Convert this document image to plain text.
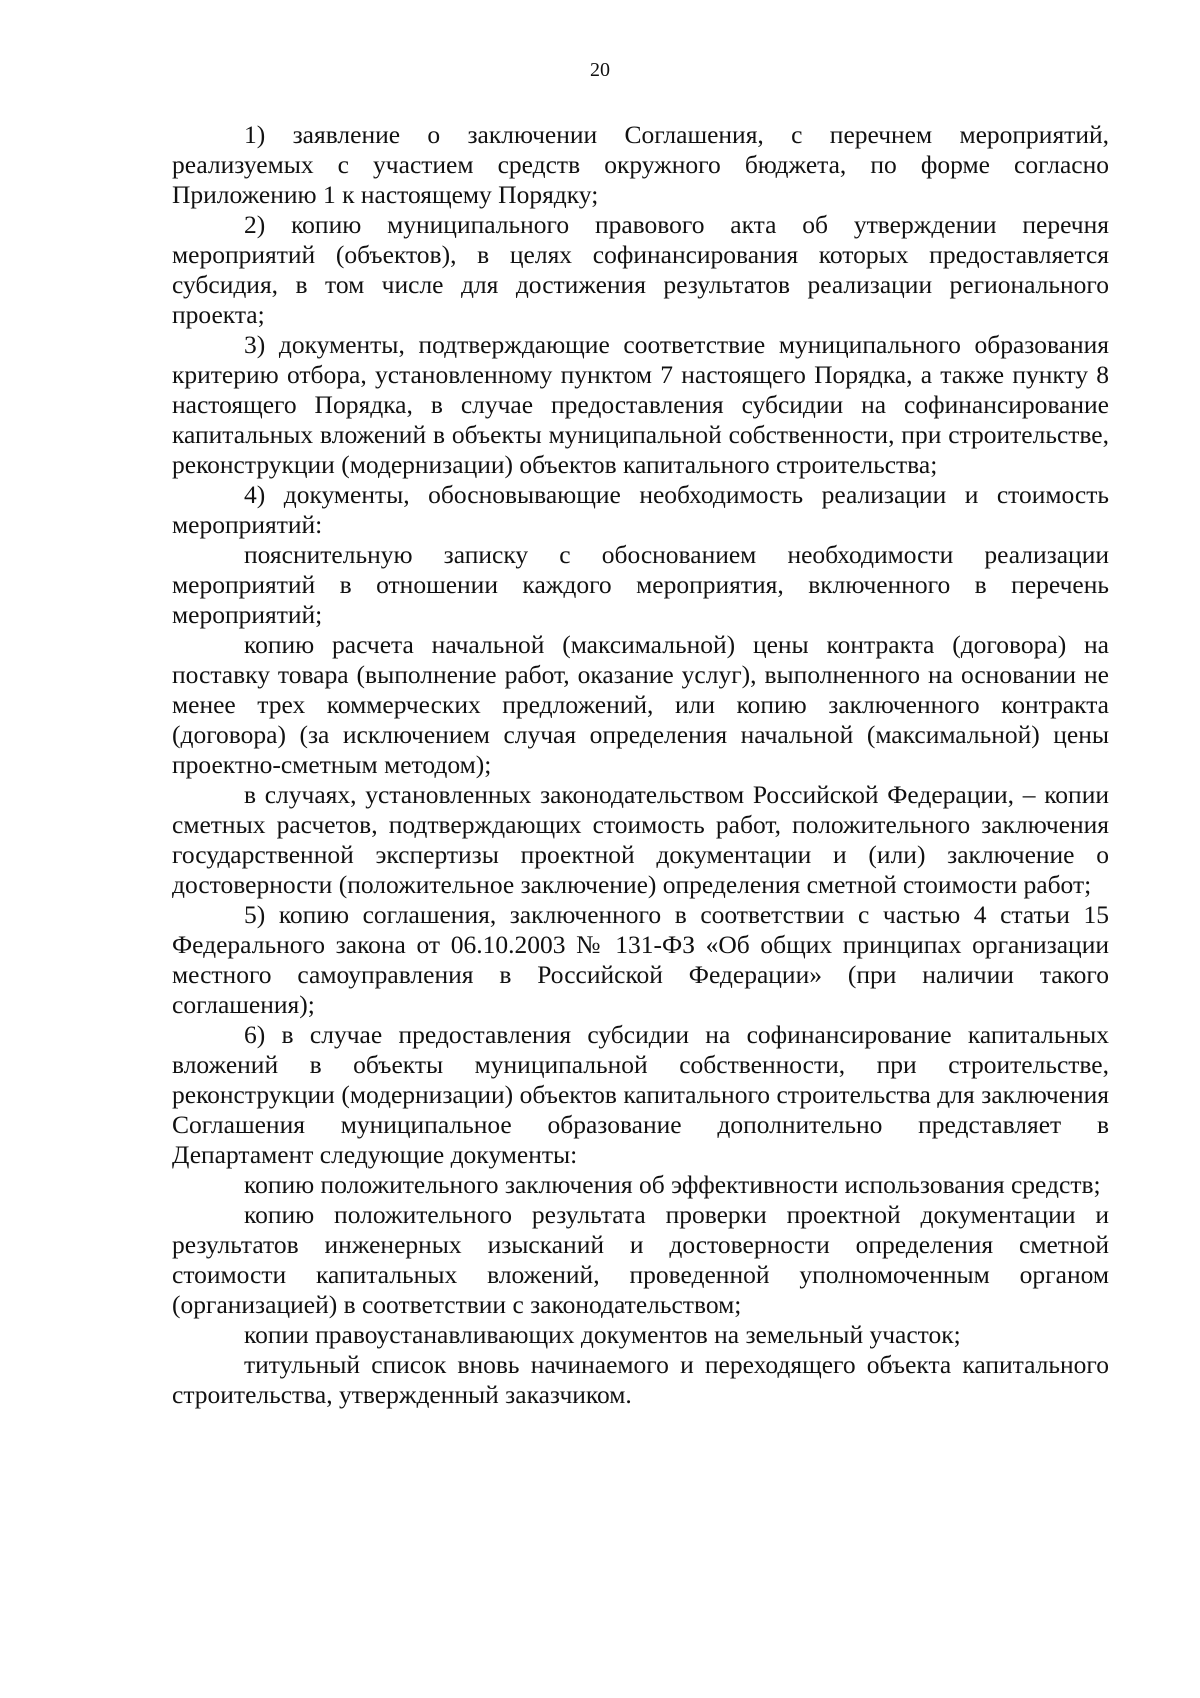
20

1) заявление о заключении Соглашения, с перечнем мероприятий, реализуемых с участием средств окружного бюджета, по форме согласно Приложению 1 к настоящему Порядку;

2) копию муниципального правового акта об утверждении перечня мероприятий (объектов), в целях софинансирования которых предоставляется субсидия, в том числе для достижения результатов реализации регионального проекта;

3) документы, подтверждающие соответствие муниципального образования критерию отбора, установленному пунктом 7 настоящего Порядка, а также пункту 8 настоящего Порядка, в случае предоставления субсидии на софинансирование капитальных вложений в объекты муниципальной собственности, при строительстве, реконструкции (модернизации) объектов капитального строительства;

4) документы, обосновывающие необходимость реализации и стоимость мероприятий:

пояснительную записку с обоснованием необходимости реализации мероприятий в отношении каждого мероприятия, включенного в перечень мероприятий;

копию расчета начальной (максимальной) цены контракта (договора) на поставку товара (выполнение работ, оказание услуг), выполненного на основании не менее трех коммерческих предложений, или копию заключенного контракта (договора) (за исключением случая определения начальной (максимальной) цены проектно-сметным методом);

в случаях, установленных законодательством Российской Федерации, – копии сметных расчетов, подтверждающих стоимость работ, положительного заключения государственной экспертизы проектной документации и (или) заключение о достоверности (положительное заключение) определения сметной стоимости работ;

5) копию соглашения, заключенного в соответствии с частью 4 статьи 15 Федерального закона от 06.10.2003 № 131-ФЗ «Об общих принципах организации местного самоуправления в Российской Федерации» (при наличии такого соглашения);

6) в случае предоставления субсидии на софинансирование капитальных вложений в объекты муниципальной собственности, при строительстве, реконструкции (модернизации) объектов капитального строительства для заключения Соглашения муниципальное образование дополнительно представляет в Департамент следующие документы:

копию положительного заключения об эффективности использования средств;

копию положительного результата проверки проектной документации и результатов инженерных изысканий и достоверности определения сметной стоимости капитальных вложений, проведенной уполномоченным органом (организацией) в соответствии с законодательством;

копии правоустанавливающих документов на земельный участок;

титульный список вновь начинаемого и переходящего объекта капитального строительства, утвержденный заказчиком.
